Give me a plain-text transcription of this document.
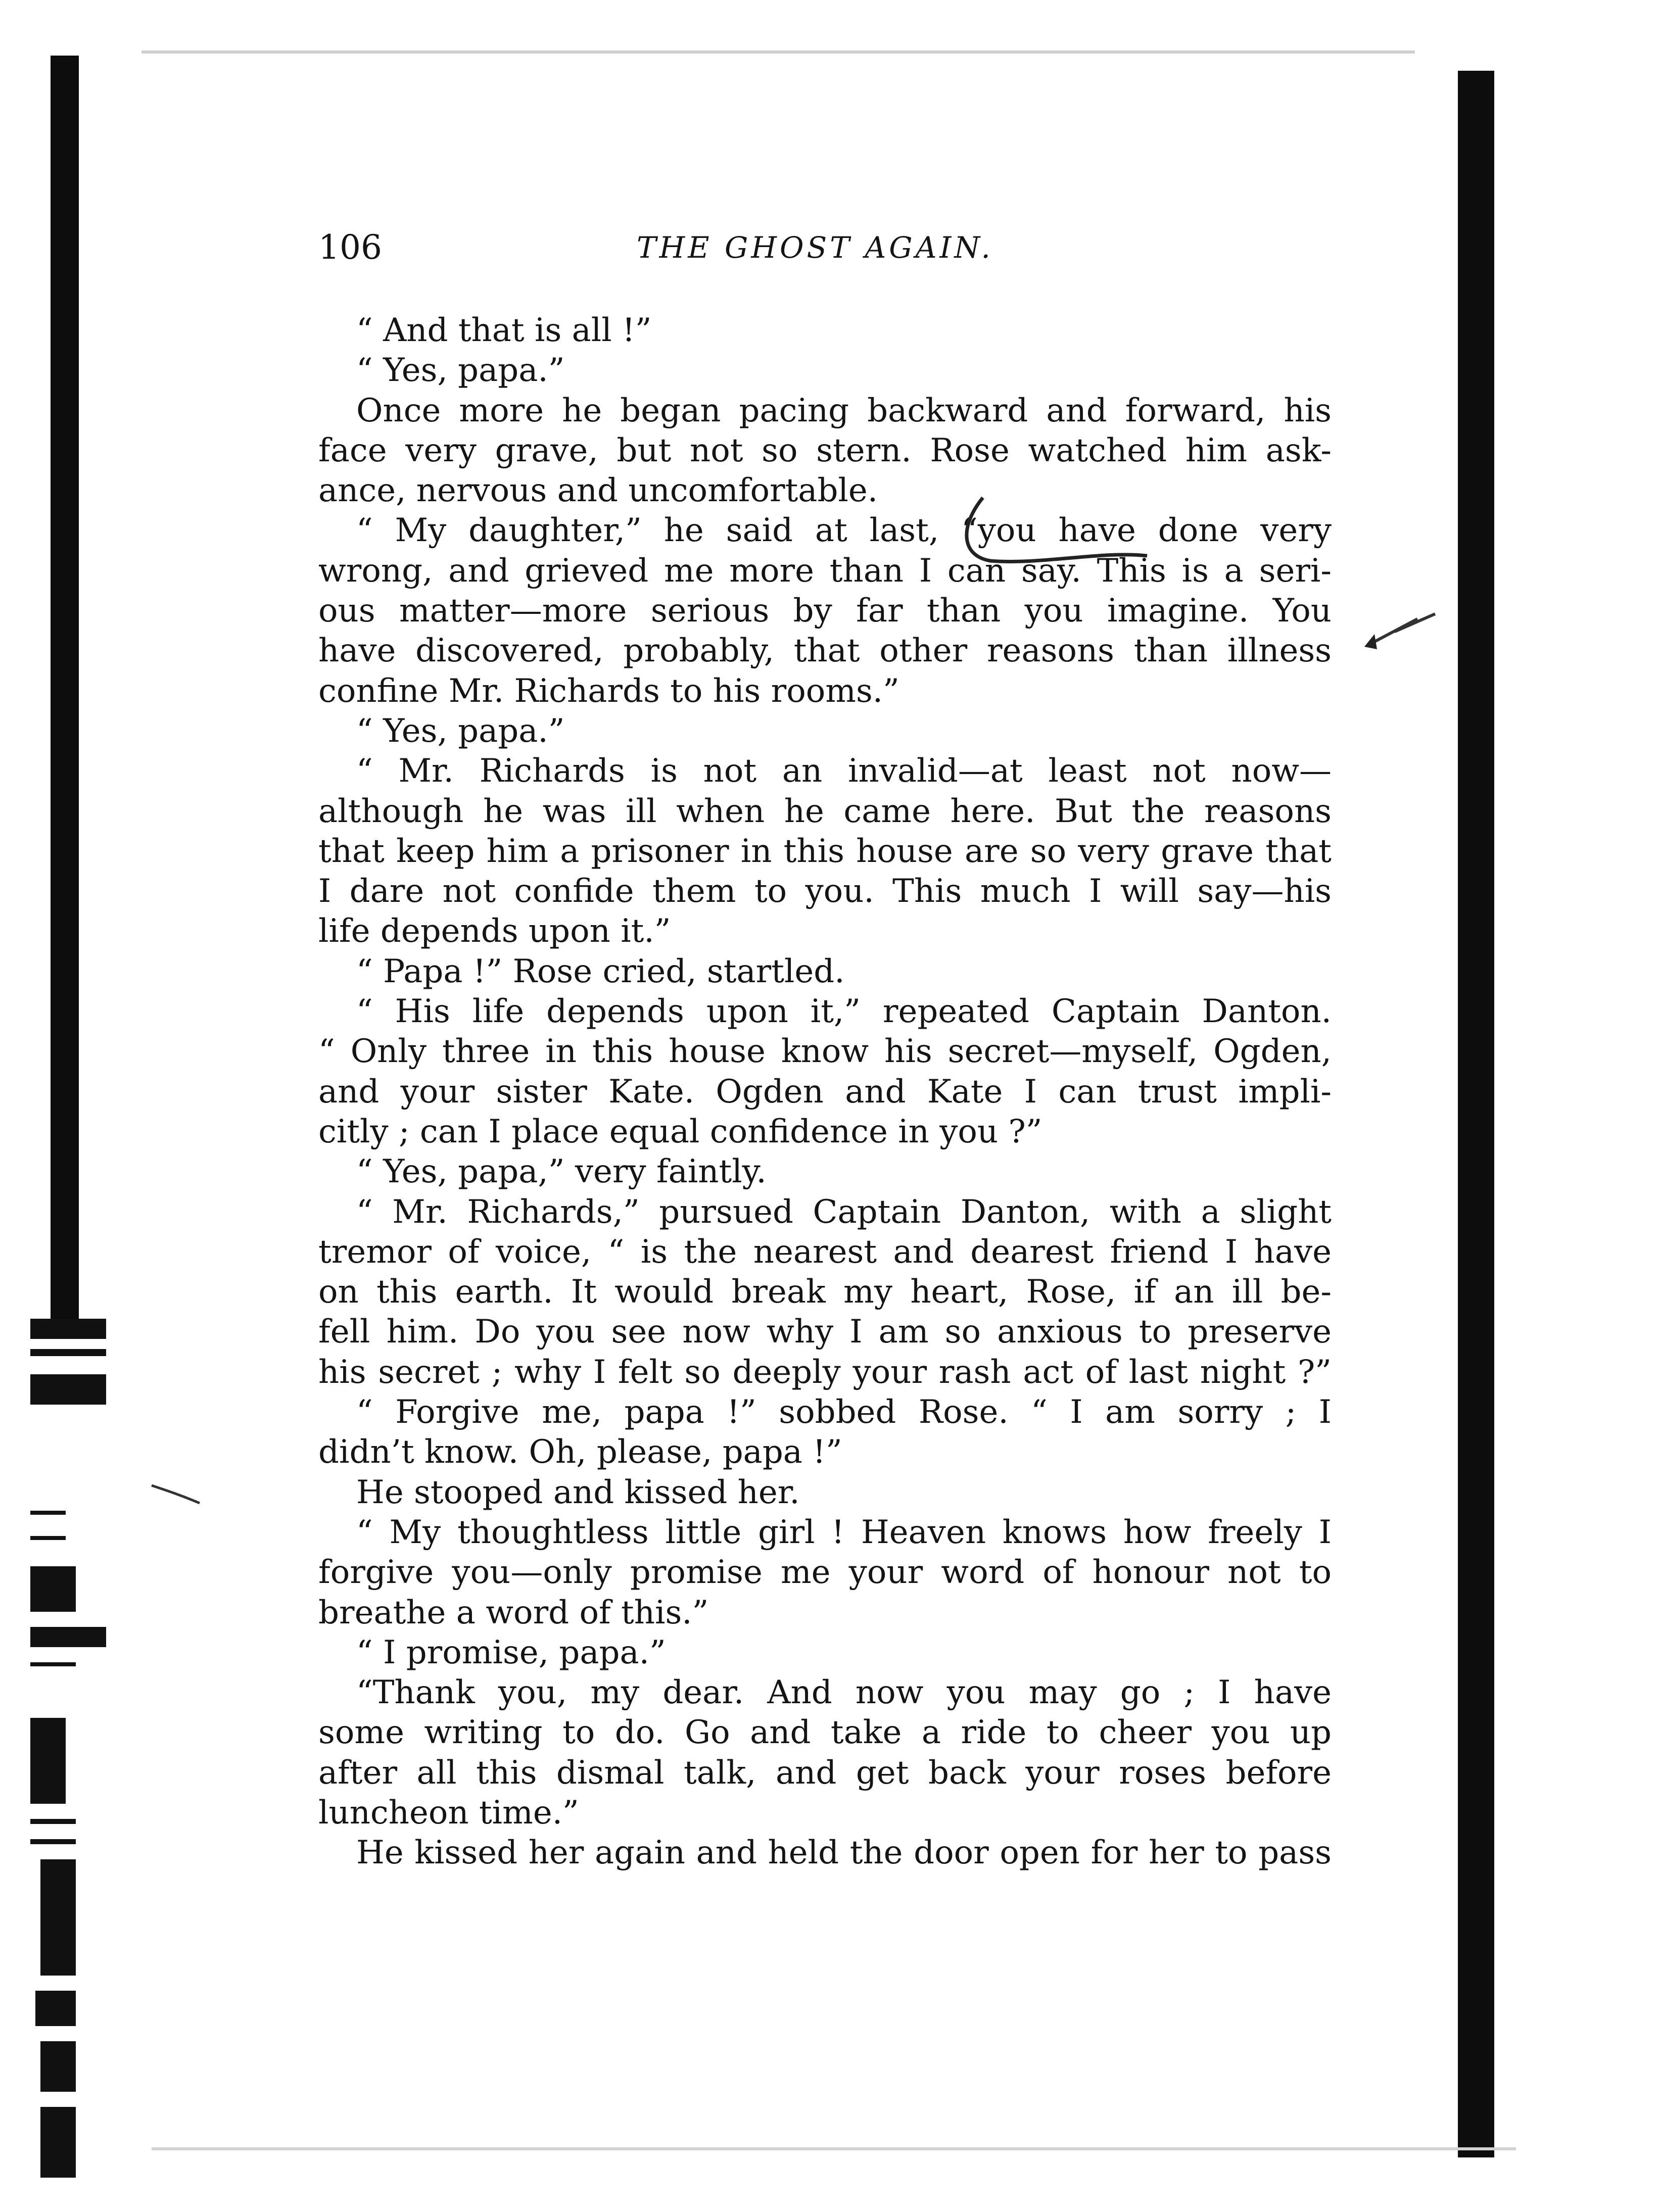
106	THE GHOST AGAIN.
“ And that is all !”
“ Yes, papa.”
Once more he began pacing backward and forward, his
face very grave, but not so stern. Rose watched him ask-
ance, nervous and uncomfortable.
“ My daughter,” he said at last, “you have done very
wrong, and grieved me more than I can say. This is a seri-
ous matter—more serious by far than you imagine. You
have discovered, probably, that other reasons than illness
confine Mr. Richards to his rooms.”
“ Yes, papa.”
“ Mr. Richards is not an invalid—at least not now—
although he was ill when he came here. But the reasons
that keep him a prisoner in this house are so very grave that
I dare not confide them to you. This much I will say—his
life depends upon it.”
“ Papa !” Rose cried, startled.
“ His life depends upon it,” repeated Captain Danton.
“ Only three in this house know his secret—myself, Ogden,
and your sister Kate. Ogden and Kate I can trust impli-
citly ; can I place equal confidence in you ?”
“ Yes, papa,” very faintly.
“ Mr. Richards,” pursued Captain Danton, with a slight
tremor of voice, “ is the nearest and dearest friend I have
on this earth. It would break my heart, Rose, if an ill be-
fell him. Do you see now why I am so anxious to preserve
his secret ; why I felt so deeply your rash act of last night ?”
“ Forgive me, papa !” sobbed Rose. “ I am sorry ; I
didn’t know. Oh, please, papa !”
He stooped and kissed her.
“ My thoughtless little girl ! Heaven knows how freely I
forgive you—only promise me your word of honour not to
breathe a word of this.”
“ I promise, papa.”
“Thank you, my dear. And now you may go ; I have
some writing to do. Go and take a ride to cheer you up
after all this dismal talk, and get back your roses before
luncheon time.”
He kissed her again and held the door open for her to pass
